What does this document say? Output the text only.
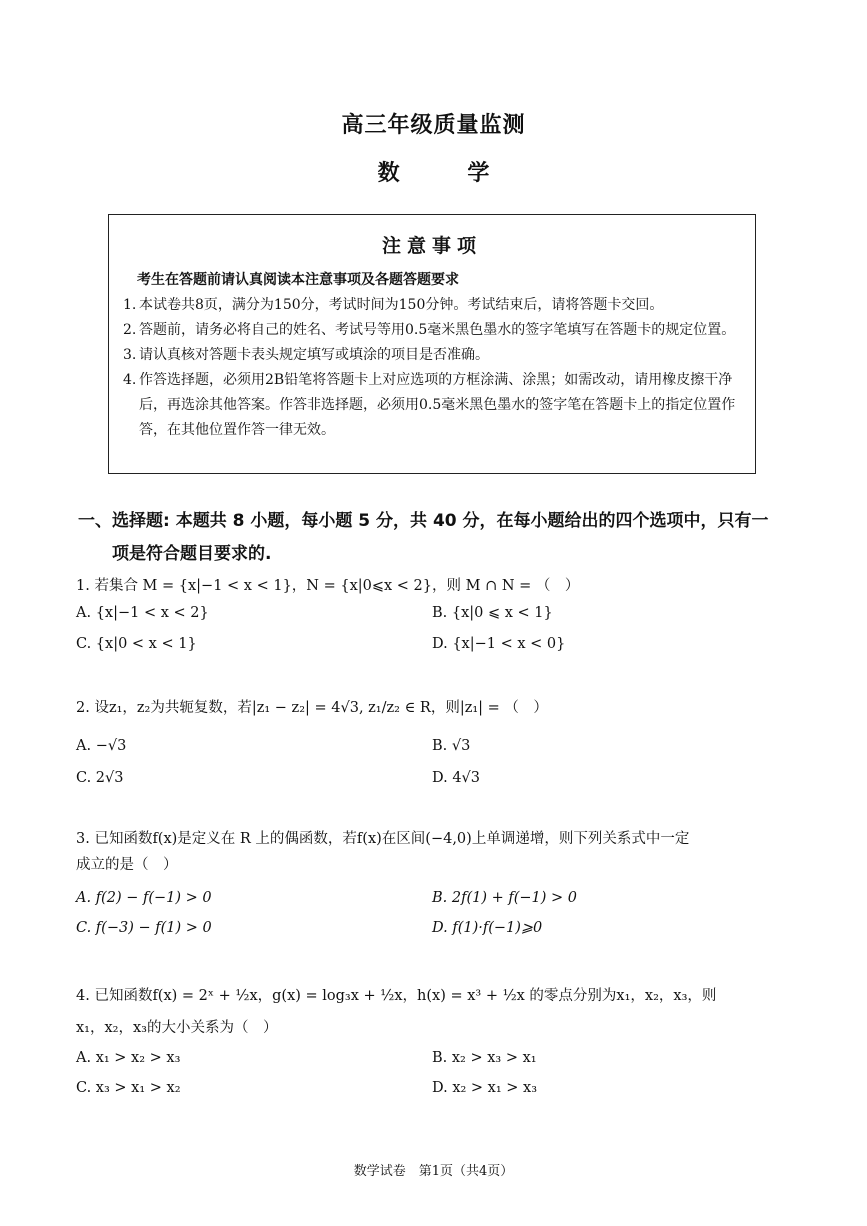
高三年级质量监测
数 学
注意事项
考生在答题前请认真阅读本注意事项及各题答题要求
1. 本试卷共8页，满分为150分，考试时间为150分钟。考试结束后，请将答题卡交回。
2. 答题前，请务必将自己的姓名、考试号等用0.5毫米黑色墨水的签字笔填写在答题卡的规定位置。
3. 请认真核对答题卡表头规定填写或填涂的项目是否准确。
4. 作答选择题，必须用2B铅笔将答题卡上对应选项的方框涂满、涂黑；如需改动，请用橡皮擦干净后，再选涂其他答案。作答非选择题，必须用0.5毫米黑色墨水的签字笔在答题卡上的指定位置作答，在其他位置作答一律无效。
一、选择题: 本题共 8 小题，每小题 5 分，共 40 分，在每小题给出的四个选项中，只有一
项是符合题目要求的.
1. 若集合 M = {x|−1 < x < 1}，N = {x|0⩽x < 2}，则 M ∩ N = （　）
A. {x|−1 < x < 2}	B. {x|0 ⩽ x < 1}
C. {x|0 < x < 1}	D. {x|−1 < x < 0}
2. 设z₁，z₂为共轭复数，若|z₁ − z₂| = 4√3, z₁/z₂ ∈ R，则|z₁| = （　）
A. −√3	B. √3
C. 2√3	D. 4√3
3. 已知函数f(x)是定义在 R 上的偶函数，若f(x)在区间(−4,0)上单调递增，则下列关系式中一定
成立的是（　）
A. f(2) − f(−1) > 0	B. 2f(1) + f(−1) > 0
C. f(−3) − f(1) > 0	D. f(1)·f(−1)⩾0
4. 已知函数f(x) = 2ˣ + ½x，g(x) = log₃x + ½x，h(x) = x³ + ½x 的零点分别为x₁，x₂，x₃，则
x₁，x₂，x₃的大小关系为（　）
A. x₁ > x₂ > x₃	B. x₂ > x₃ > x₁
C. x₃ > x₁ > x₂	D. x₂ > x₁ > x₃
数学试卷　第1页（共4页）
